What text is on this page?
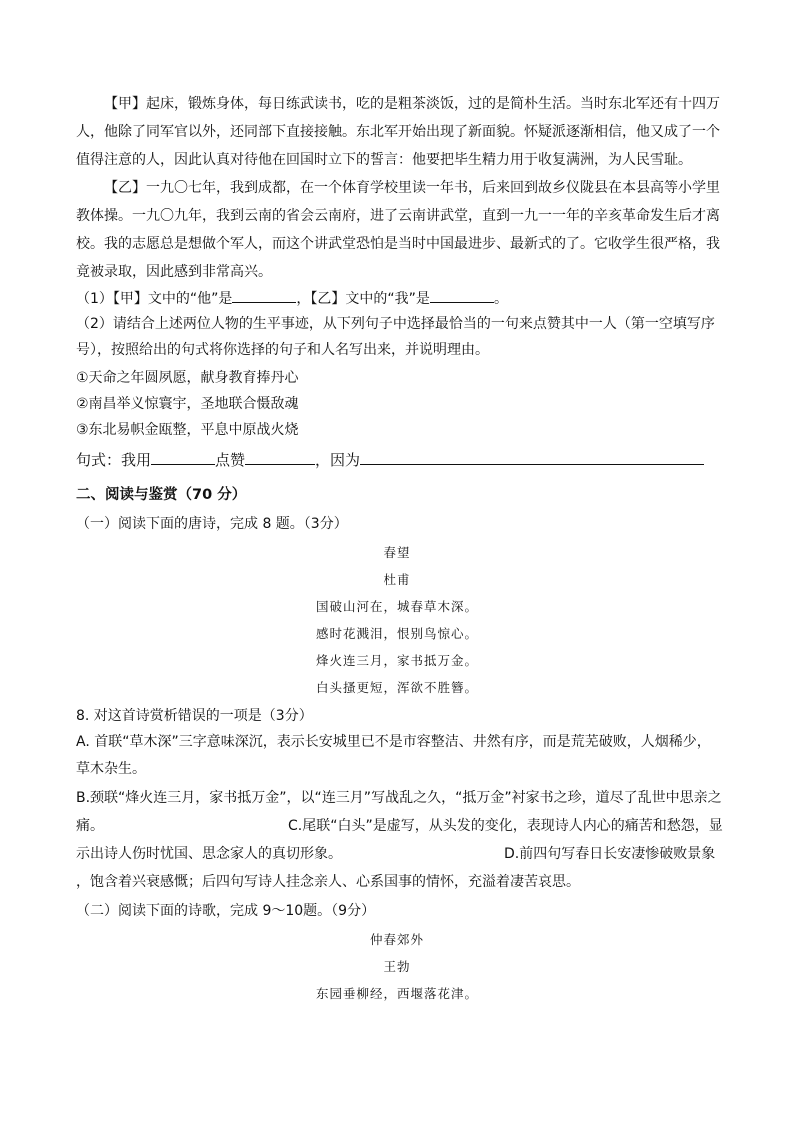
【甲】起床，锻炼身体，每日练武读书，吃的是粗茶淡饭，过的是简朴生活。当时东北军还有十四万
人，他除了同军官以外，还同部下直接接触。东北军开始出现了新面貌。怀疑派逐渐相信，他又成了一个
值得注意的人，因此认真对待他在回国时立下的誓言：他要把毕生精力用于收复满洲，为人民雪耻。
【乙】一九〇七年，我到成都，在一个体育学校里读一年书，后来回到故乡仪陇县在本县高等小学里
教体操。一九〇九年，我到云南的省会云南府，进了云南讲武堂，直到一九一一年的辛亥革命发生后才离
校。我的志愿总是想做个军人，而这个讲武堂恐怕是当时中国最进步、最新式的了。它收学生很严格，我
竟被录取，因此感到非常高兴。
（1）【甲】文中的“他”是	，【乙】文中的“我”是	。
（2）请结合上述两位人物的生平事迹，从下列句子中选择最恰当的一句来点赞其中一人（第一空填写序
号），按照给出的句式将你选择的句子和人名写出来，并说明理由。
①天命之年圆夙愿，献身教育捧丹心
②南昌举义惊寰宇，圣地联合慑敌魂
③东北易帜金瓯整，平息中原战火烧
句式：我用	点赞	，因为
二、阅读与鉴赏（70 分）
（一）阅读下面的唐诗，完成 8 题。（3分）
春望
杜甫
国破山河在，城春草木深。
感时花溅泪，恨别鸟惊心。
烽火连三月，家书抵万金。
白头搔更短，浑欲不胜簪。
8. 对这首诗赏析错误的一项是（3分）
A. 首联“草木深”三字意味深沉，表示长安城里已不是市容整洁、井然有序，而是荒芜破败，人烟稀少，
草木杂生。
B.颈联“烽火连三月，家书抵万金”，以“连三月”写战乱之久，“抵万金”衬家书之珍，道尽了乱世中思亲之
痛。	C.尾联“白头”是虚写，从头发的变化，表现诗人内心的痛苦和愁怨，显
示出诗人伤时忧国、思念家人的真切形象。	D.前四句写春日长安凄惨破败景象
，饱含着兴衰感慨；后四句写诗人挂念亲人、心系国事的情怀，充溢着凄苦哀思。
（二）阅读下面的诗歌，完成 9～10题。（9分）
仲春郊外
王勃
东园垂柳经，西堰落花津。
